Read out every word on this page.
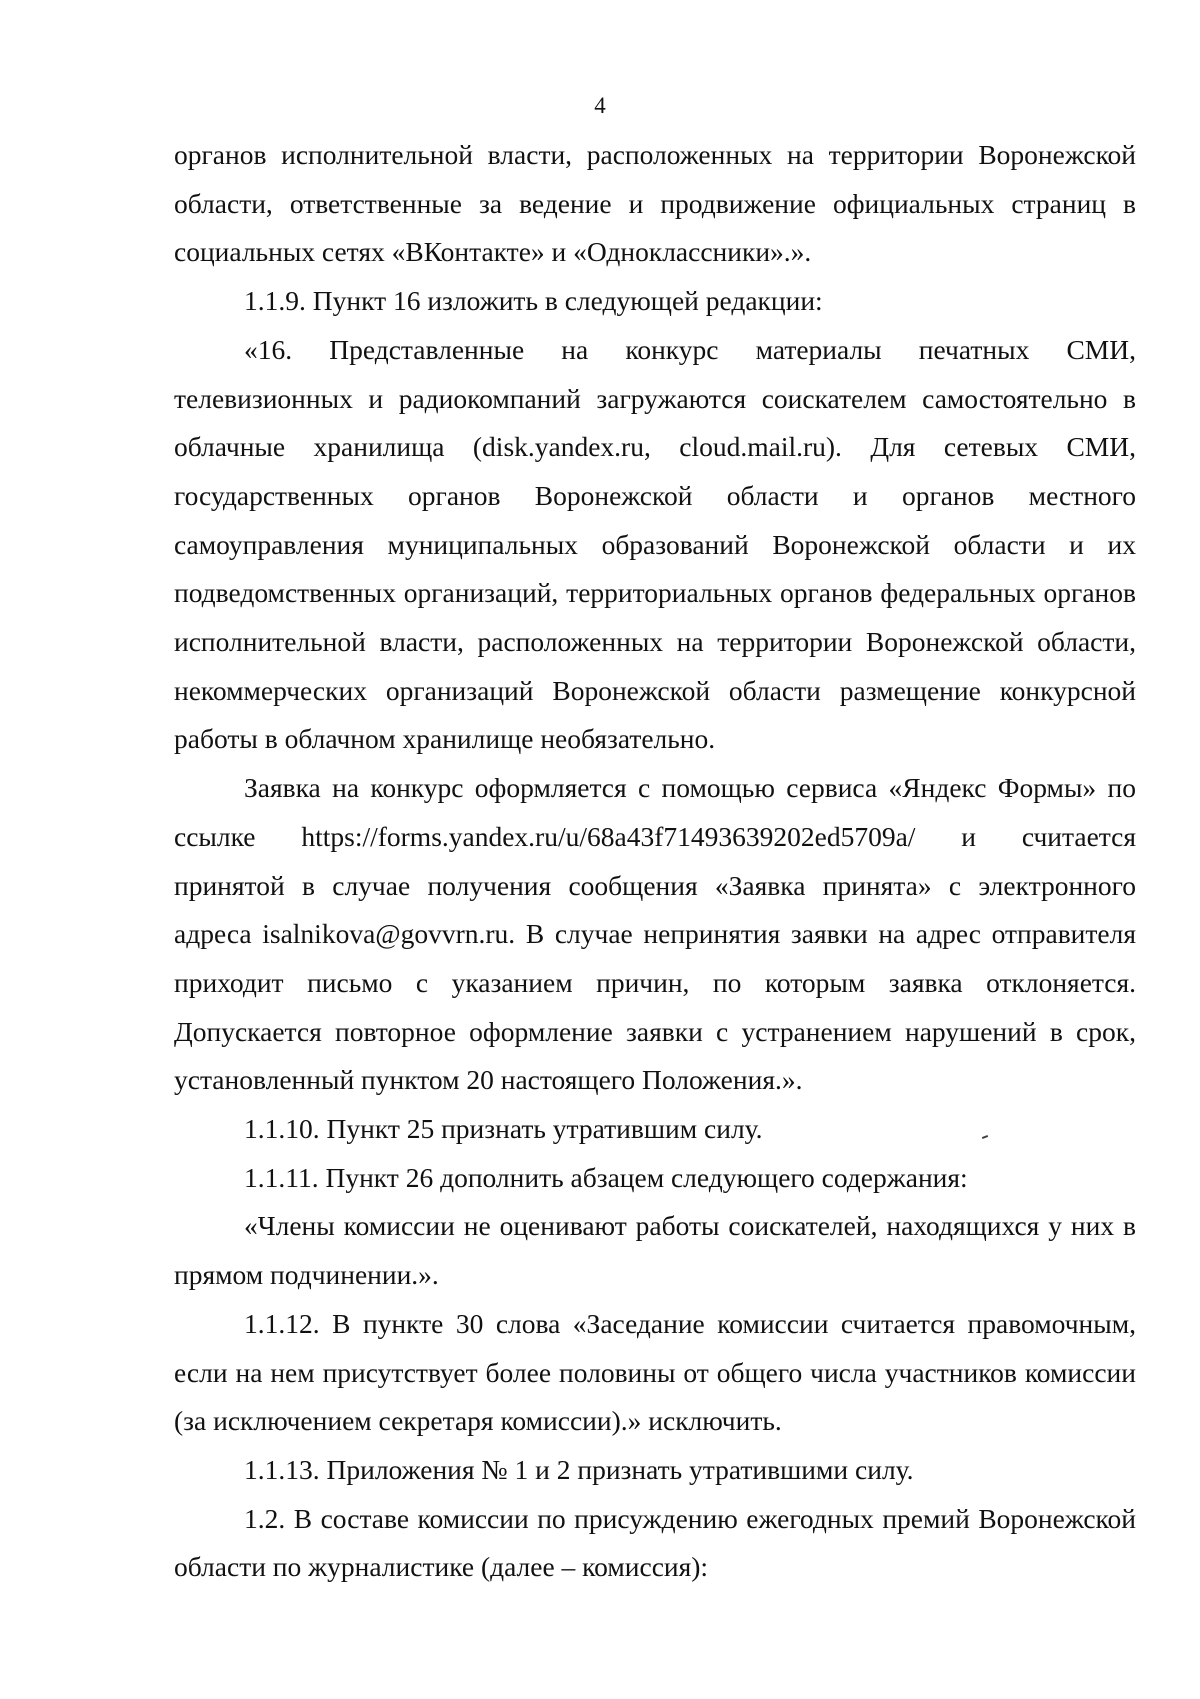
4

органов исполнительной власти, расположенных на территории Воронежской области, ответственные за ведение и продвижение официальных страниц в социальных сетях «ВКонтакте» и «Одноклассники».».

1.1.9. Пункт 16 изложить в следующей редакции:

«16. Представленные на конкурс материалы печатных СМИ, телевизионных и радиокомпаний загружаются соискателем самостоятельно в облачные хранилища (disk.yandex.ru, cloud.mail.ru). Для сетевых СМИ, государственных органов Воронежской области и органов местного самоуправления муниципальных образований Воронежской области и их подведомственных организаций, территориальных органов федеральных органов исполнительной власти, расположенных на территории Воронежской области, некоммерческих организаций Воронежской области размещение конкурсной работы в облачном хранилище необязательно.

Заявка на конкурс оформляется с помощью сервиса «Яндекс Формы» по ссылке https://forms.yandex.ru/u/68a43f71493639202ed5709a/ и считается принятой в случае получения сообщения «Заявка принята» с электронного адреса isalnikova@govvrn.ru. В случае непринятия заявки на адрес отправителя приходит письмо с указанием причин, по которым заявка отклоняется. Допускается повторное оформление заявки с устранением нарушений в срок, установленный пунктом 20 настоящего Положения.».

1.1.10. Пункт 25 признать утратившим силу.

1.1.11. Пункт 26 дополнить абзацем следующего содержания:

«Члены комиссии не оценивают работы соискателей, находящихся у них в прямом подчинении.».

1.1.12. В пункте 30 слова «Заседание комиссии считается правомочным, если на нем присутствует более половины от общего числа участников комиссии (за исключением секретаря комиссии).» исключить.

1.1.13. Приложения № 1 и 2 признать утратившими силу.

1.2. В составе комиссии по присуждению ежегодных премий Воронежской области по журналистике (далее – комиссия):
